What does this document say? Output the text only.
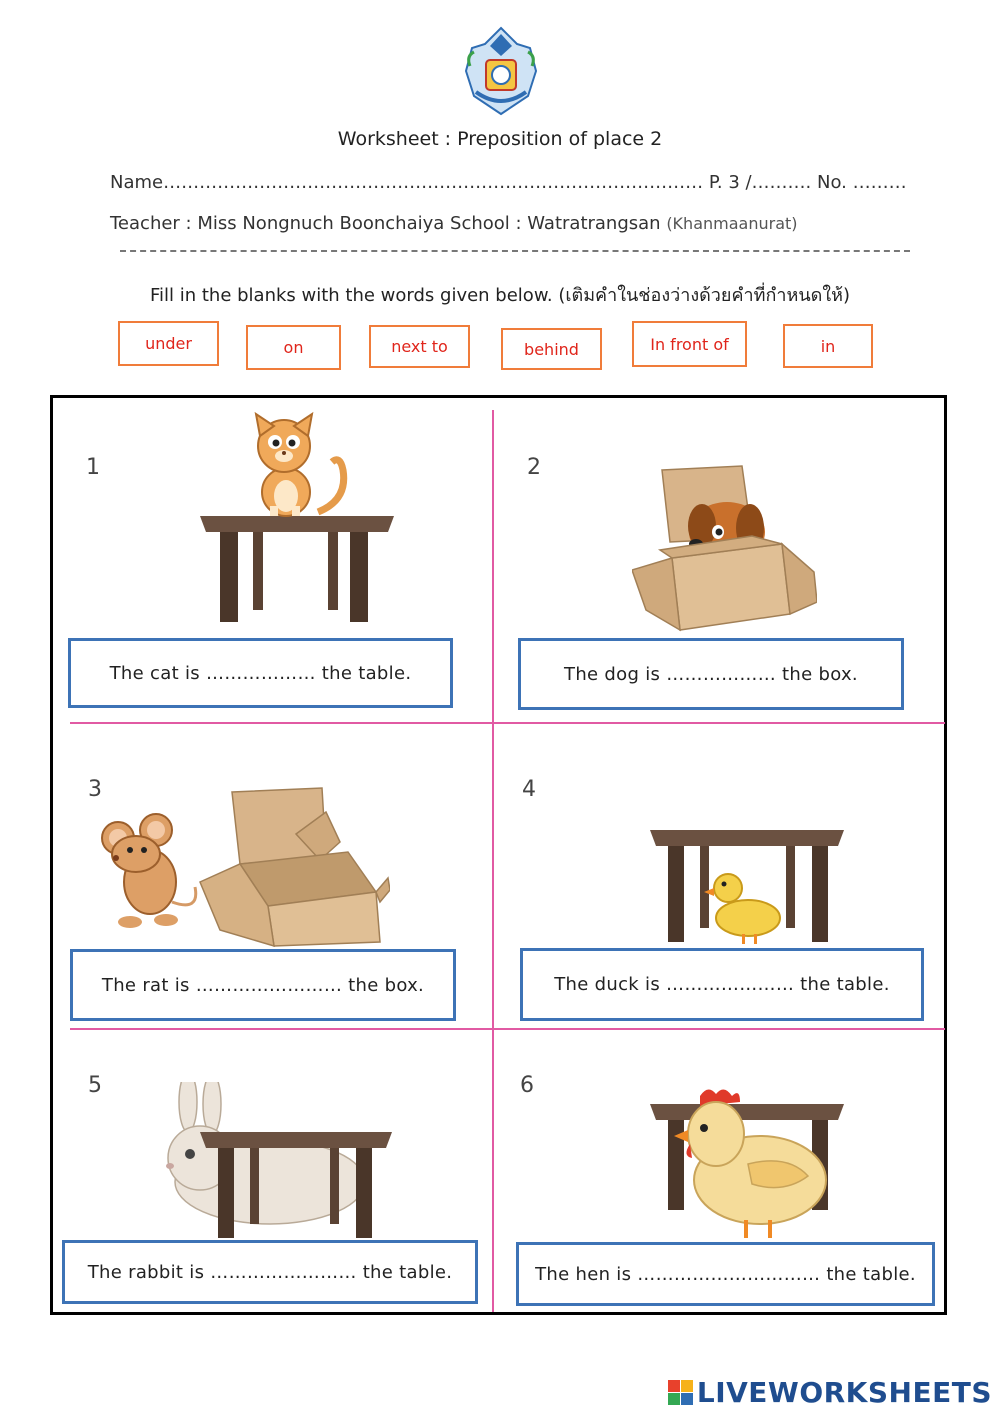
Worksheet : Preposition of place 2
Name……………………………………………………………………………… P. 3 /………. No. ………
Teacher : Miss Nongnuch Boonchaiya School : Watratrangsan (Khanmaanurat)
Fill in the blanks with the words given below. (เติมคำในช่องว่างด้วยคำที่กำหนดให้)
under	on	next to	behind	In front of	in
1
The cat is ……………… the table.
2
The dog is ……………… the box.
3
The rat is …………………… the box.
4
The duck is ………………… the table.
5
The rabbit is …………………… the table.
6
The hen is ………………………… the table.
LIVEWORKSHEETS
